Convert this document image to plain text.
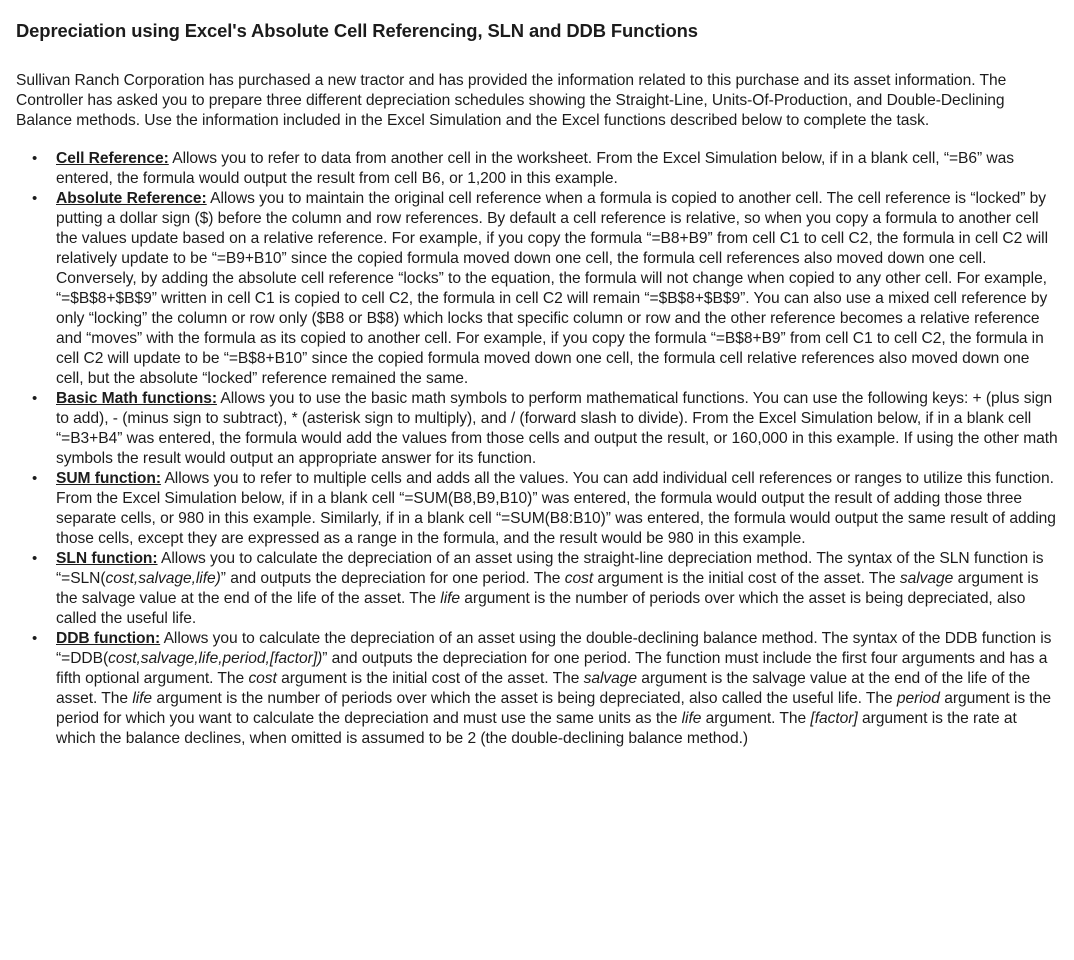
Depreciation using Excel's Absolute Cell Referencing, SLN and DDB Functions

Sullivan Ranch Corporation has purchased a new tractor and has provided the information related to this purchase and its asset information. The Controller has asked you to prepare three different depreciation schedules showing the Straight-Line, Units-Of-Production, and Double-Declining Balance methods. Use the information included in the Excel Simulation and the Excel functions described below to complete the task.

• Cell Reference: Allows you to refer to data from another cell in the worksheet. From the Excel Simulation below, if in a blank cell, “=B6” was entered, the formula would output the result from cell B6, or 1,200 in this example.
• Absolute Reference: Allows you to maintain the original cell reference when a formula is copied to another cell. The cell reference is “locked” by putting a dollar sign ($) before the column and row references. By default a cell reference is relative, so when you copy a formula to another cell the values update based on a relative reference. For example, if you copy the formula “=B8+B9” from cell C1 to cell C2, the formula in cell C2 will relatively update to be “=B9+B10” since the copied formula moved down one cell, the formula cell references also moved down one cell. Conversely, by adding the absolute cell reference “locks” to the equation, the formula will not change when copied to any other cell. For example, “=$B$8+$B$9” written in cell C1 is copied to cell C2, the formula in cell C2 will remain “=$B$8+$B$9”. You can also use a mixed cell reference by only “locking” the column or row only ($B8 or B$8) which locks that specific column or row and the other reference becomes a relative reference and “moves” with the formula as its copied to another cell. For example, if you copy the formula “=B$8+B9” from cell C1 to cell C2, the formula in cell C2 will update to be “=B$8+B10” since the copied formula moved down one cell, the formula cell relative references also moved down one cell, but the absolute “locked” reference remained the same.
• Basic Math functions: Allows you to use the basic math symbols to perform mathematical functions. You can use the following keys: + (plus sign to add), - (minus sign to subtract), * (asterisk sign to multiply), and / (forward slash to divide). From the Excel Simulation below, if in a blank cell “=B3+B4” was entered, the formula would add the values from those cells and output the result, or 160,000 in this example. If using the other math symbols the result would output an appropriate answer for its function.
• SUM function: Allows you to refer to multiple cells and adds all the values. You can add individual cell references or ranges to utilize this function. From the Excel Simulation below, if in a blank cell “=SUM(B8,B9,B10)” was entered, the formula would output the result of adding those three separate cells, or 980 in this example. Similarly, if in a blank cell “=SUM(B8:B10)” was entered, the formula would output the same result of adding those cells, except they are expressed as a range in the formula, and the result would be 980 in this example.
• SLN function: Allows you to calculate the depreciation of an asset using the straight-line depreciation method. The syntax of the SLN function is “=SLN(cost,salvage,life)” and outputs the depreciation for one period. The cost argument is the initial cost of the asset. The salvage argument is the salvage value at the end of the life of the asset. The life argument is the number of periods over which the asset is being depreciated, also called the useful life.
• DDB function: Allows you to calculate the depreciation of an asset using the double-declining balance method. The syntax of the DDB function is “=DDB(cost,salvage,life,period,[factor])” and outputs the depreciation for one period. The function must include the first four arguments and has a fifth optional argument. The cost argument is the initial cost of the asset. The salvage argument is the salvage value at the end of the life of the asset. The life argument is the number of periods over which the asset is being depreciated, also called the useful life. The period argument is the period for which you want to calculate the depreciation and must use the same units as the life argument. The [factor] argument is the rate at which the balance declines, when omitted is assumed to be 2 (the double-declining balance method.)
